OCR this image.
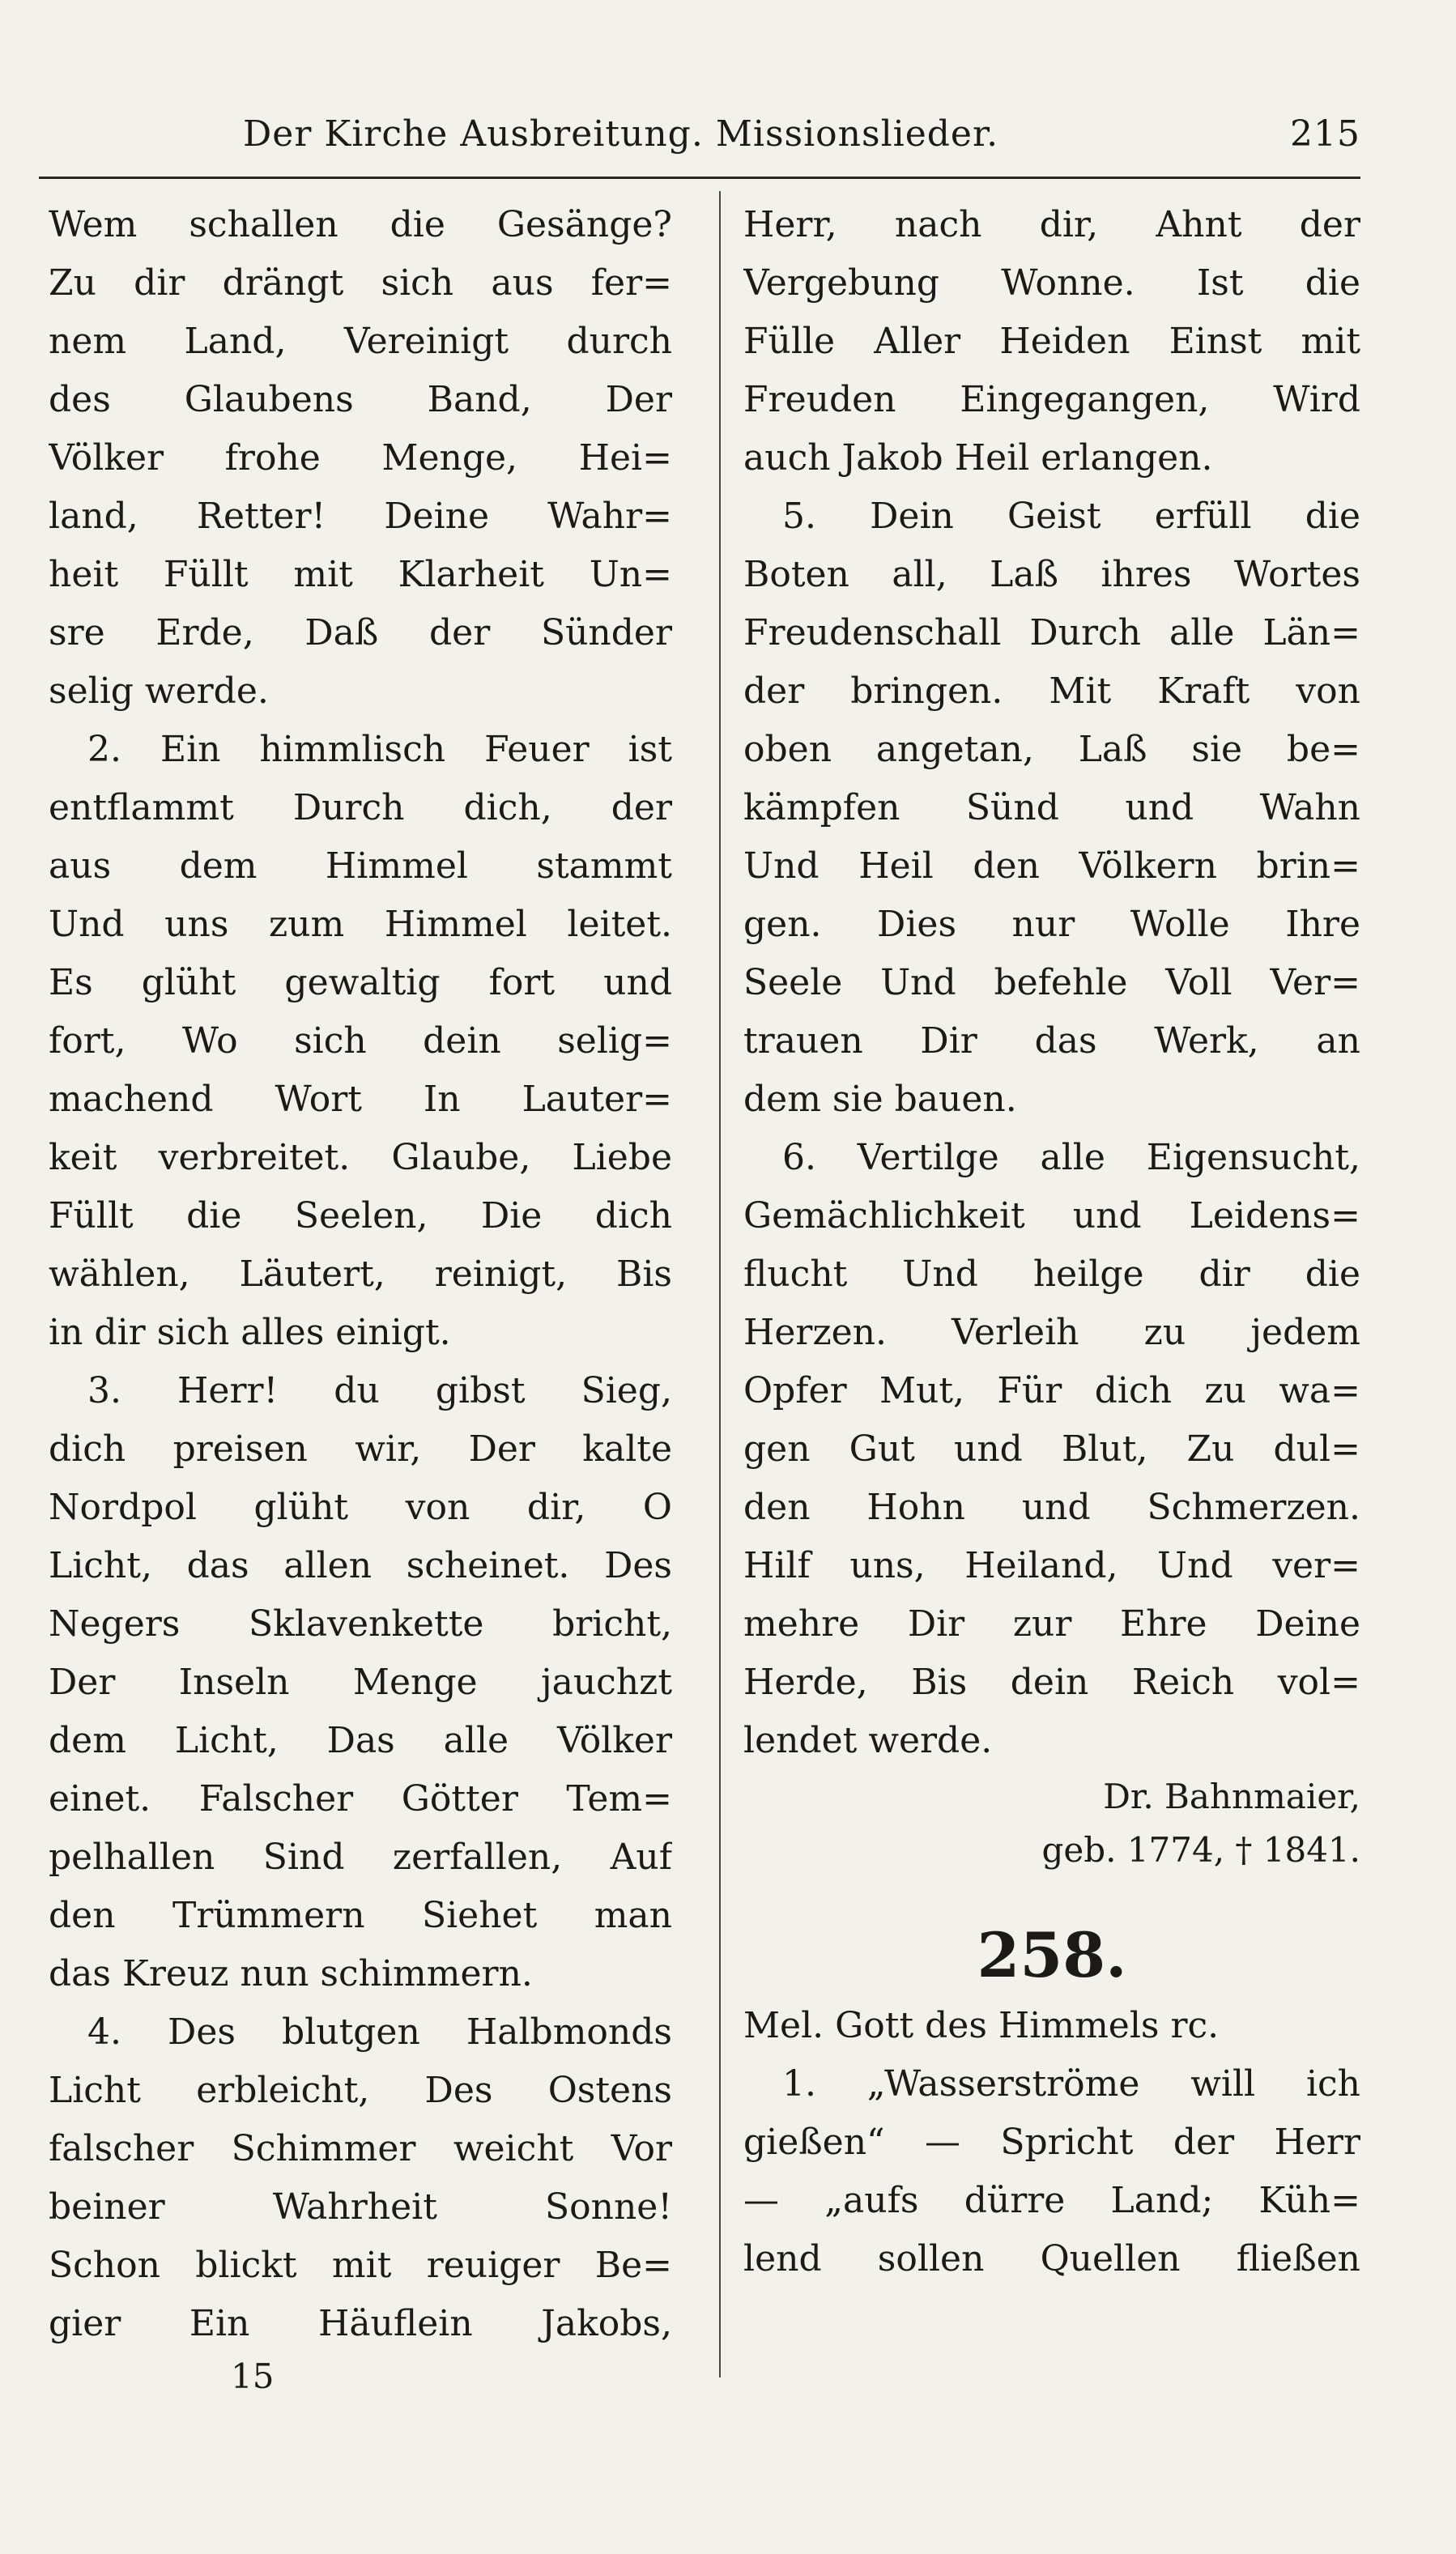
Der Kirche Ausbreitung. Missionslieder.	215
Wem schallen die Gesänge?
Zu dir drängt sich aus fer=
nem Land, Vereinigt durch
des Glaubens Band, Der
Völker frohe Menge, Hei=
land, Retter! Deine Wahr=
heit Füllt mit Klarheit Un=
sre Erde, Daß der Sünder
selig werde.
2. Ein himmlisch Feuer ist
entflammt Durch dich, der
aus dem Himmel stammt
Und uns zum Himmel leitet.
Es glüht gewaltig fort und
fort, Wo sich dein selig=
machend Wort In Lauter=
keit verbreitet. Glaube, Liebe
Füllt die Seelen, Die dich
wählen, Läutert, reinigt, Bis
in dir sich alles einigt.
3. Herr! du gibst Sieg,
dich preisen wir, Der kalte
Nordpol glüht von dir, O
Licht, das allen scheinet. Des
Negers Sklavenkette bricht,
Der Inseln Menge jauchzt
dem Licht, Das alle Völker
einet. Falscher Götter Tem=
pelhallen Sind zerfallen, Auf
den Trümmern Siehet man
das Kreuz nun schimmern.
4. Des blutgen Halbmonds
Licht erbleicht, Des Ostens
falscher Schimmer weicht Vor
beiner Wahrheit Sonne!
Schon blickt mit reuiger Be=
gier Ein Häuflein Jakobs,
Herr, nach dir, Ahnt der
Vergebung Wonne. Ist die
Fülle Aller Heiden Einst mit
Freuden Eingegangen, Wird
auch Jakob Heil erlangen.
5. Dein Geist erfüll die
Boten all, Laß ihres Wortes
Freudenschall Durch alle Län=
der bringen. Mit Kraft von
oben angetan, Laß sie be=
kämpfen Sünd und Wahn
Und Heil den Völkern brin=
gen. Dies nur Wolle Ihre
Seele Und befehle Voll Ver=
trauen Dir das Werk, an
dem sie bauen.
6. Vertilge alle Eigensucht,
Gemächlichkeit und Leidens=
flucht Und heilge dir die
Herzen. Verleih zu jedem
Opfer Mut, Für dich zu wa=
gen Gut und Blut, Zu dul=
den Hohn und Schmerzen.
Hilf uns, Heiland, Und ver=
mehre Dir zur Ehre Deine
Herde, Bis dein Reich vol=
lendet werde.
Dr. Bahnmaier,
geb. 1774, † 1841.
258.
Mel. Gott des Himmels rc.
1. „Wasserströme will ich
gießen“ — Spricht der Herr
— „aufs dürre Land; Küh=
lend sollen Quellen fließen
15
